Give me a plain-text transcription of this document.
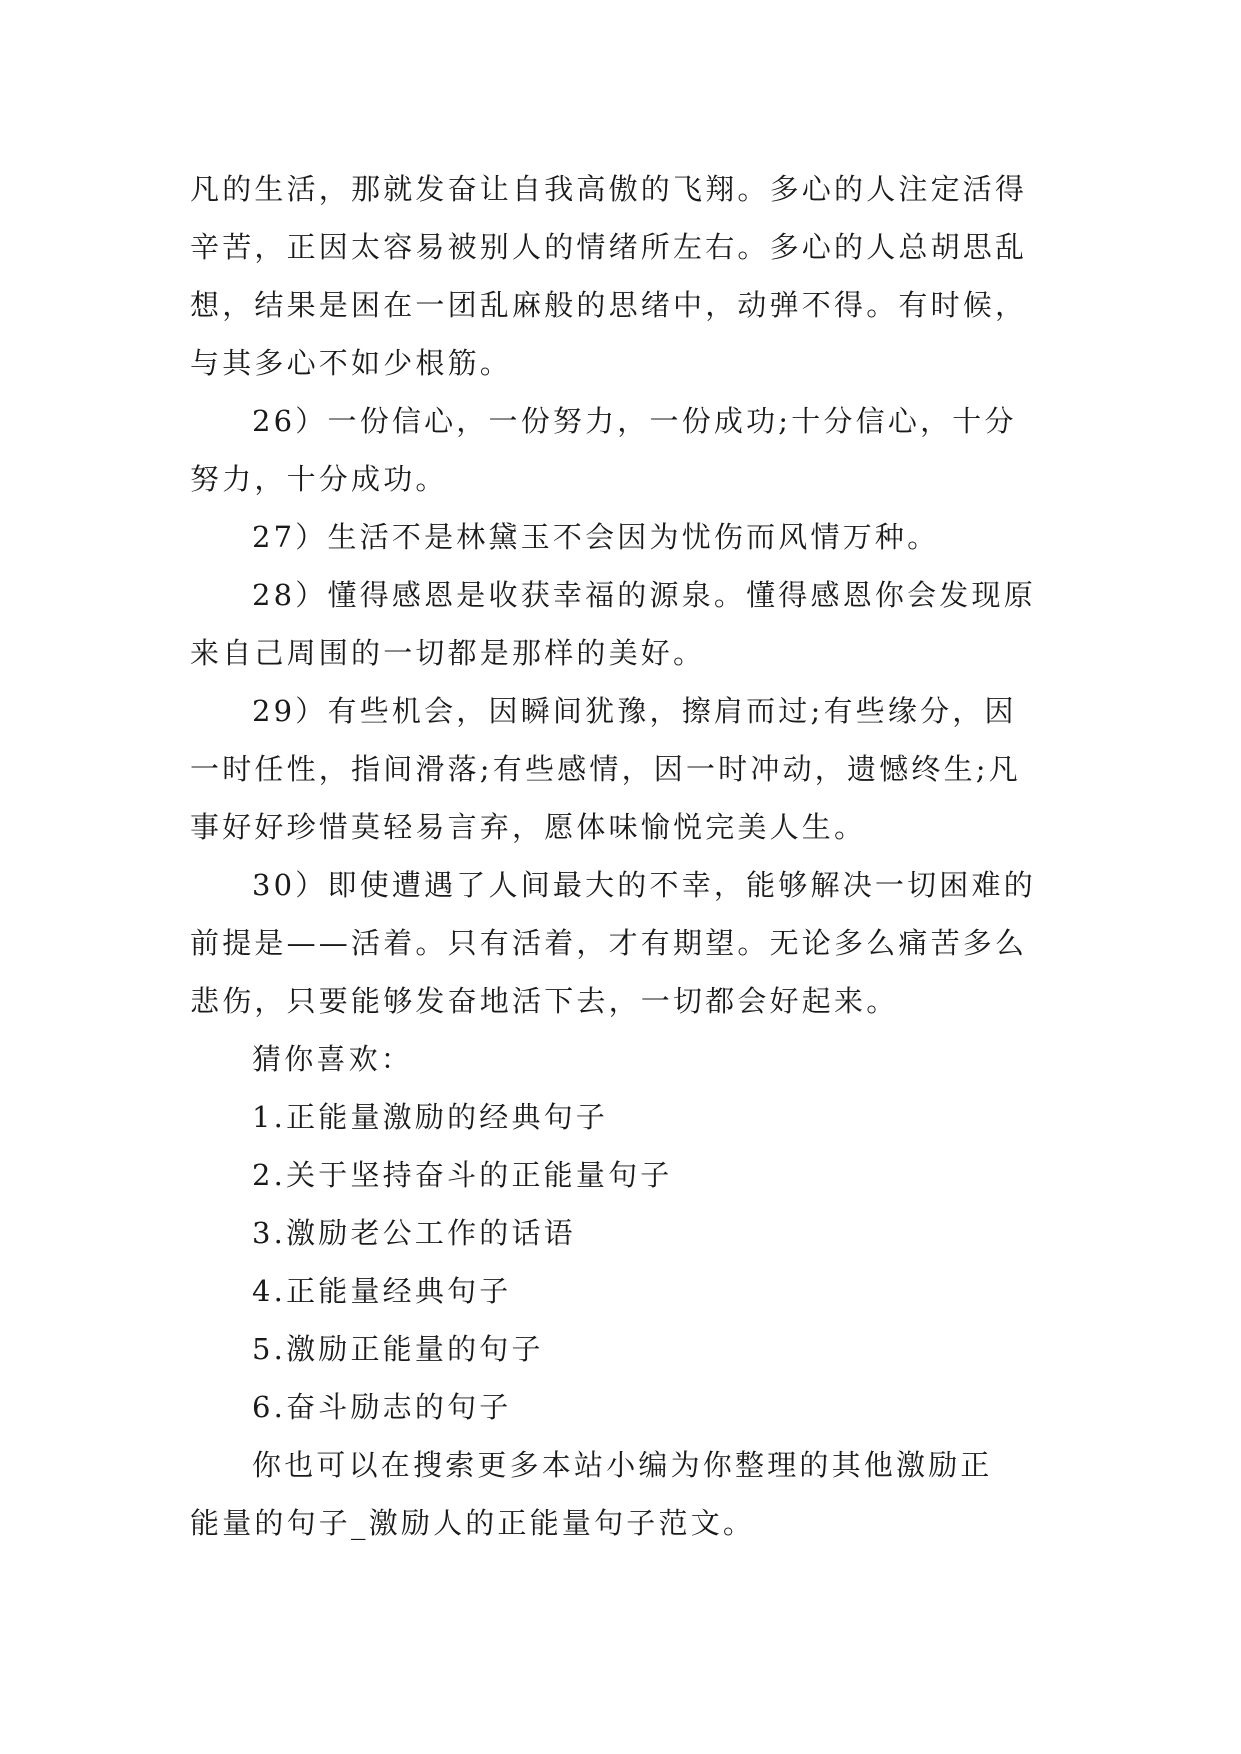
凡的生活，那就发奋让自我高傲的飞翔。多心的人注定活得
辛苦，正因太容易被别人的情绪所左右。多心的人总胡思乱
想，结果是困在一团乱麻般的思绪中，动弹不得。有时候，
与其多心不如少根筋。
26）一份信心，一份努力，一份成功;十分信心，十分
努力，十分成功。
27）生活不是林黛玉不会因为忧伤而风情万种。
28）懂得感恩是收获幸福的源泉。懂得感恩你会发现原
来自己周围的一切都是那样的美好。
29）有些机会，因瞬间犹豫，擦肩而过;有些缘分，因
一时任性，指间滑落;有些感情，因一时冲动，遗憾终生;凡
事好好珍惜莫轻易言弃，愿体味愉悦完美人生。
30）即使遭遇了人间最大的不幸，能够解决一切困难的
前提是——活着。只有活着，才有期望。无论多么痛苦多么
悲伤，只要能够发奋地活下去，一切都会好起来。
猜你喜欢：
1.正能量激励的经典句子
2.关于坚持奋斗的正能量句子
3.激励老公工作的话语
4.正能量经典句子
5.激励正能量的句子
6.奋斗励志的句子
你也可以在搜索更多本站小编为你整理的其他激励正
能量的句子_激励人的正能量句子范文。
